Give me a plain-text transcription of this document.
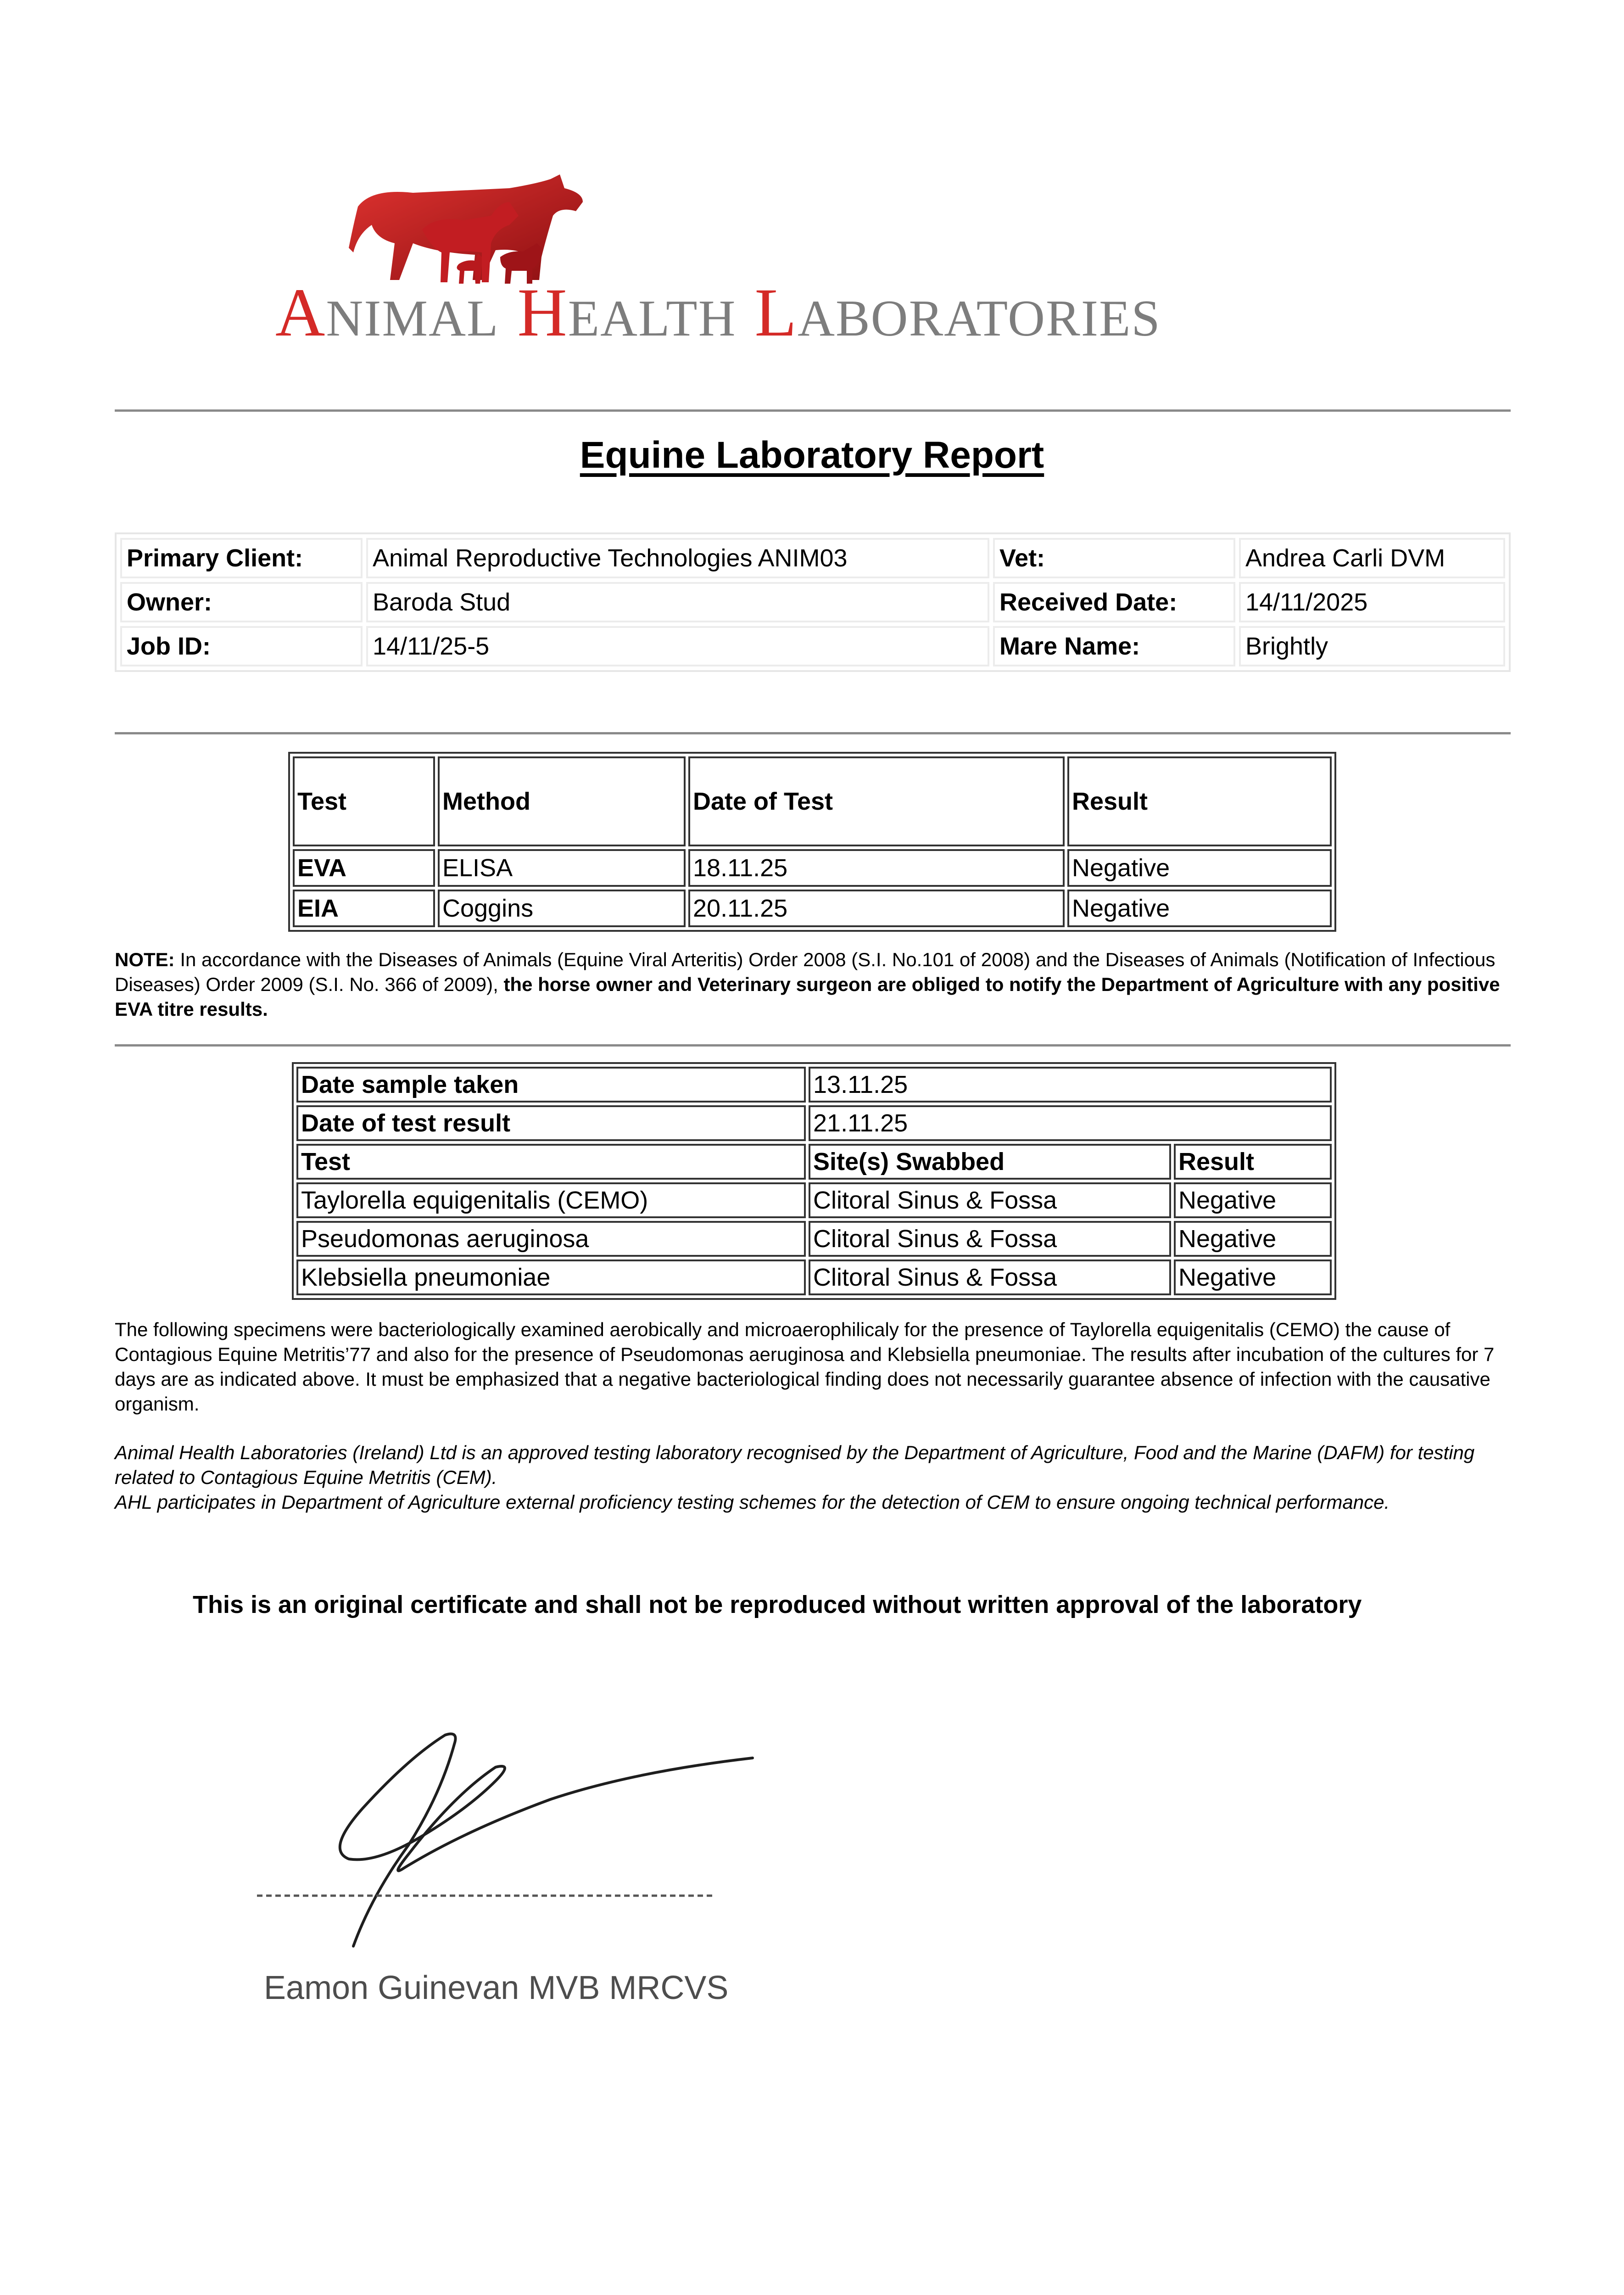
ANIMAL HEALTH LABORATORIES
Equine Laboratory Report
Primary Client:	Animal Reproductive Technologies ANIM03	Vet:	Andrea Carli DVM
Owner:	Baroda Stud	Received Date:	14/11/2025
Job ID:	14/11/25-5	Mare Name:	Brightly
Test	Method	Date of Test	Result
EVA	ELISA	18.11.25	Negative
EIA	Coggins	20.11.25	Negative
NOTE: In accordance with the Diseases of Animals (Equine Viral Arteritis) Order 2008 (S.I. No.101 of 2008) and the Diseases of Animals (Notification of Infectious Diseases) Order 2009 (S.I. No. 366 of 2009), the horse owner and Veterinary surgeon are obliged to notify the Department of Agriculture with any positive EVA titre results.
Date sample taken	13.11.25	
Date of test result	21.11.25	
Test	Site(s) Swabbed	Result
Taylorella equigenitalis (CEMO)	Clitoral Sinus & Fossa	Negative
Pseudomonas aeruginosa	Clitoral Sinus & Fossa	Negative
Klebsiella pneumoniae	Clitoral Sinus & Fossa	Negative
The following specimens were bacteriologically examined aerobically and microaerophilicaly for the presence of Taylorella equigenitalis (CEMO) the cause of Contagious Equine Metritis’77 and also for the presence of Pseudomonas aeruginosa and Klebsiella pneumoniae. The results after incubation of the cultures for 7 days are as indicated above. It must be emphasized that a negative bacteriological finding does not necessarily guarantee absence of infection with the causative organism.
Animal Health Laboratories (Ireland) Ltd is an approved testing laboratory recognised by the Department of Agriculture, Food and the Marine (DAFM) for testing related to Contagious Equine Metritis (CEM).
AHL participates in Department of Agriculture external proficiency testing schemes for the detection of CEM to ensure ongoing technical performance.
This is an original certificate and shall not be reproduced without written approval of the laboratory
Eamon Guinevan MVB MRCVS
